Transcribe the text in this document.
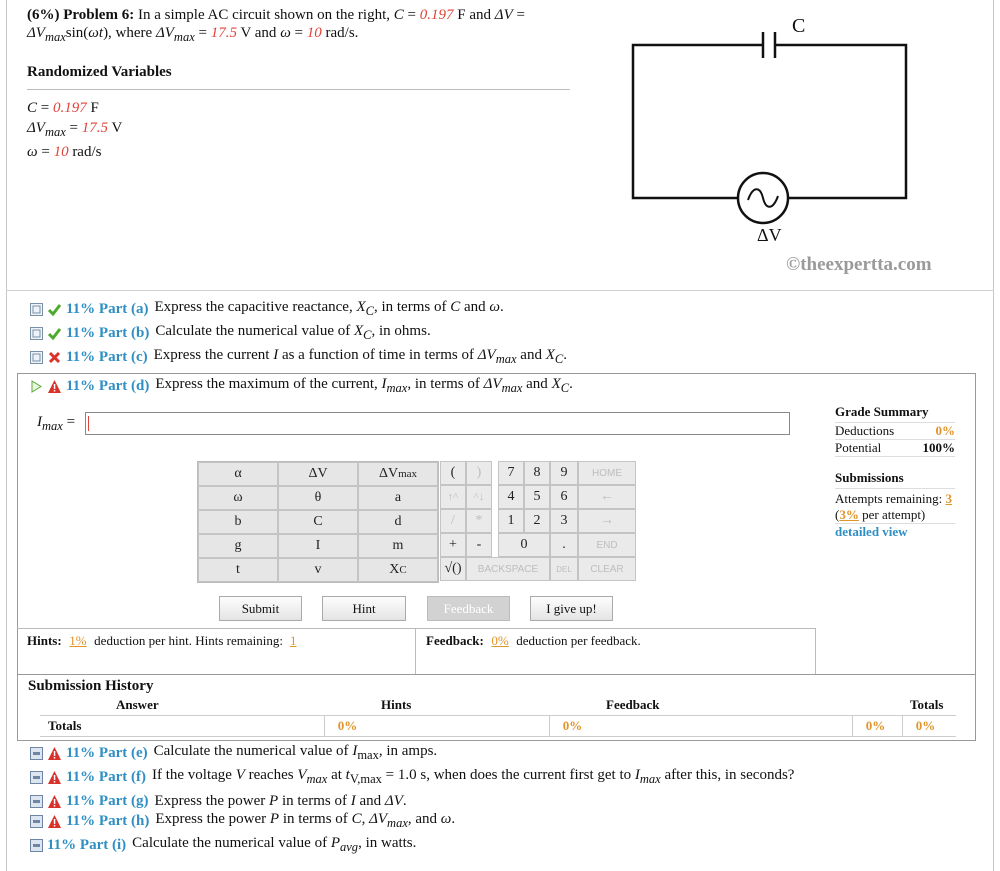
(6%) Problem 6: In a simple AC circuit shown on the right, C = 0.197 F and ΔV =
$\Delta V_{max}\sin(\omega t)$, where $\Delta V_{max} = 17.5$ V and ω = 10 rad/s.
Randomized Variables
C = 0.197 F
$\Delta V_{max} = 17.5$ V
ω = 10 rad/s
C
ΔV
©theexpertta.com
11% Part (a) Express the capacitive reactance, $X_C$, in terms of C and ω.
11% Part (b) Calculate the numerical value of $X_C$, in ohms.
11% Part (c) Express the current I as a function of time in terms of $\Delta V_{max}$ and $X_C$.
11% Part (d) Express the maximum of the current, $I_{max}$, in terms of $\Delta V_{max}$ and $X_C$.
$I_{max}$ =
Grade Summary
Deductions	0%
Potential	100%
Submissions
Attempts remaining: 3
(3% per attempt)
detailed view
α	ΔV	ΔV max
ω	θ	a
b	C	d
g	I	m
t	v	X C
(	)	7	8	9	HOME
↑^	^↓	4	5	6	←
/	*	1	2	3	→
+	-	0	.	END
√()	BACKSPACE	DEL	CLEAR
Submit	Hint	Feedback	I give up!
Hints: 1% deduction per hint. Hints remaining: 1	Feedback: 0% deduction per feedback.
Submission History
Answer	Hints	Feedback	Totals
Totals	0%	0%	0%	0%
11% Part (e) Calculate the numerical value of $I_{max}$, in amps.
11% Part (f) If the voltage V reaches $V_{max}$ at $t_{V,max} = 1.0$ s, when does the current first get to $I_{max}$ after this, in seconds?
11% Part (g) Express the power P in terms of I and ΔV.
11% Part (h) Express the power P in terms of C, $\Delta V_{max}$, and ω.
11% Part (i) Calculate the numerical value of $P_{avg}$, in watts.
